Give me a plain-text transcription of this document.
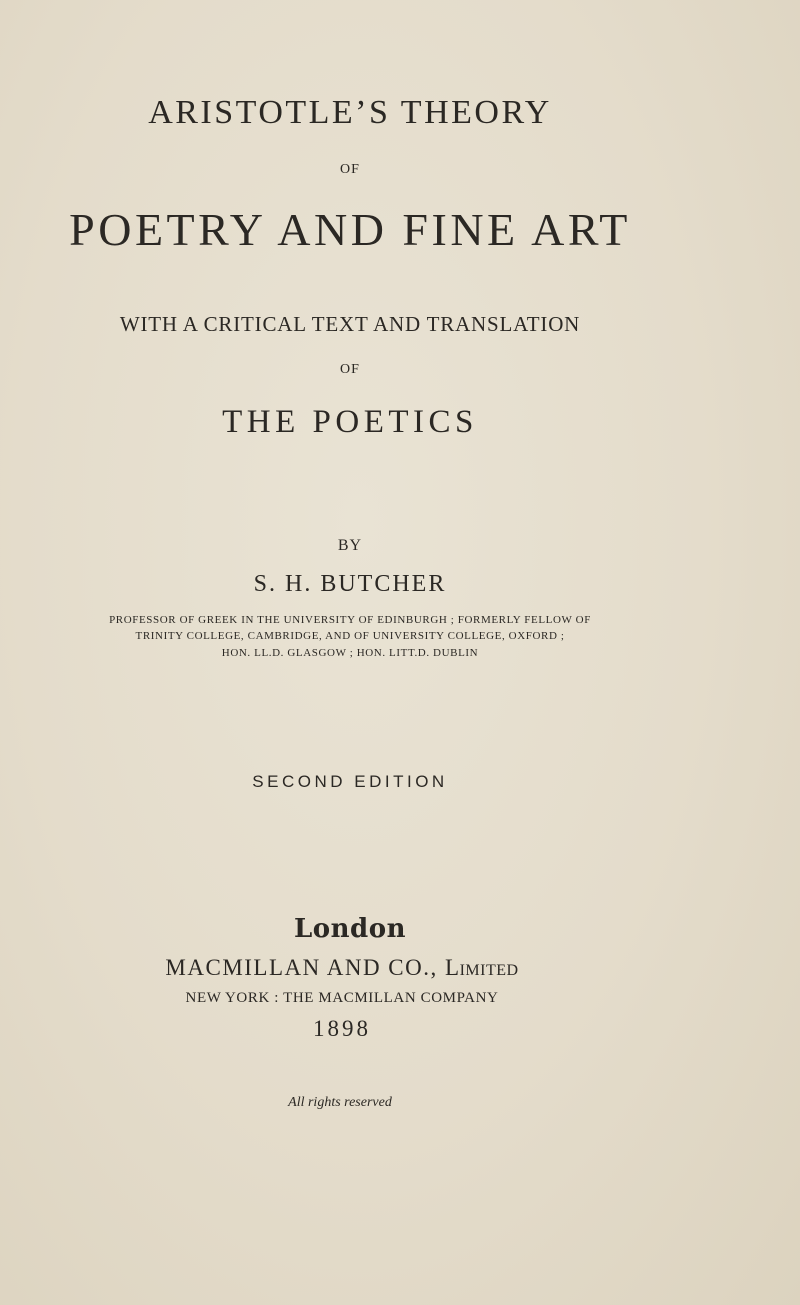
ARISTOTLE’S THEORY
OF
POETRY AND FINE ART
WITH A CRITICAL TEXT AND TRANSLATION
OF
THE POETICS
BY
S. H. BUTCHER
PROFESSOR OF GREEK IN THE UNIVERSITY OF EDINBURGH ; FORMERLY FELLOW OF
TRINITY COLLEGE, CAMBRIDGE, AND OF UNIVERSITY COLLEGE, OXFORD ;
HON. LL.D. GLASGOW ; HON. LITT.D. DUBLIN
SECOND EDITION
London
MACMILLAN AND CO., Limited
NEW YORK : THE MACMILLAN COMPANY
1898
All rights reserved
